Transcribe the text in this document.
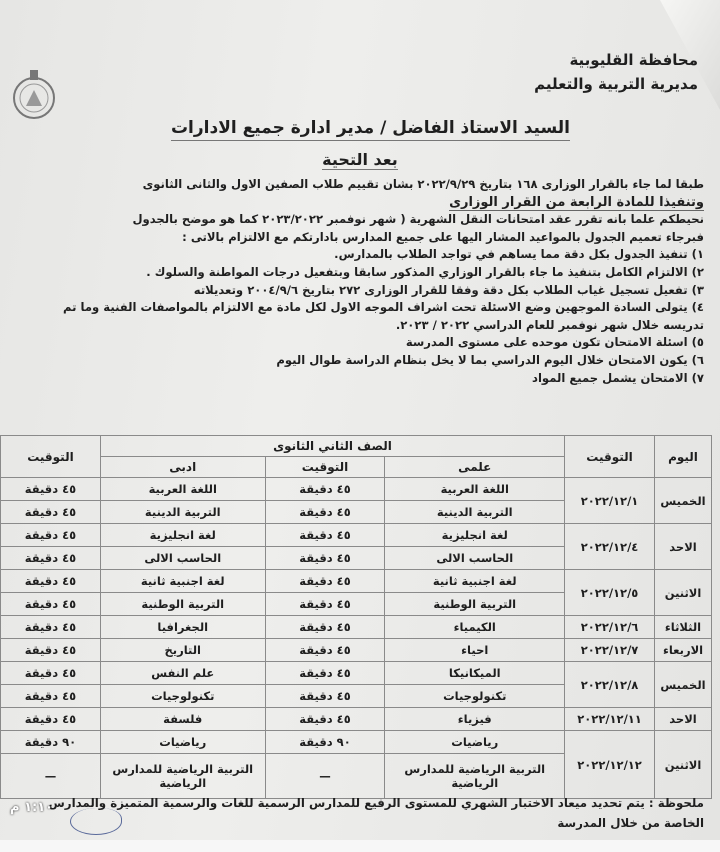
محافظة القليوبية
مديرية التربية والتعليم
السيد الاستاذ الفاضل / مدير ادارة جميع الادارات
بعد التحية

طبقا لما جاء بالقرار الوزارى ١٦٨ بتاريخ ٢٠٢٢/٩/٢٩ بشان تقييم طلاب الصفين الاول والثانى الثانوى

وتنفيذا للمادة الرابعة من القرار الوزارى

نحيطكم علما بانه تقرر عقد امتحانات النقل الشهرية ( شهر نوفمبر ٢٠٢٣/٢٠٢٢ كما هو موضح بالجدول

فبرجاء تعميم الجدول بالمواعيد المشار اليها على جميع المدارس بادارتكم مع الالتزام بالاتى :

١) تنفيذ الجدول بكل دقة مما يساهم في تواجد الطلاب بالمدارس.

٢) الالتزام الكامل بتنفيذ ما جاء بالقرار الوزاري المذكور سابقا وبتفعيل درجات المواطنة والسلوك .

٣) تفعيل تسجيل غياب الطلاب بكل دقة وفقا للقرار الوزارى ٢٧٢ بتاريخ ٢٠٠٤/٩/٦ وتعديلاته

٤) يتولى السادة الموجهين وضع الاسئلة تحت اشراف الموجه الاول لكل مادة مع الالتزام بالمواصفات الفنية وما تم

تدريسه خلال شهر نوفمبر للعام الدراسي ٢٠٢٢ / ٢٠٢٣.

٥) اسئلة الامتحان تكون موحده على مستوى المدرسة

٦) يكون الامتحان خلال اليوم الدراسي بما لا يخل بنظام الدراسة طوال اليوم

٧) الامتحان يشمل جميع المواد

اليوم	التوقيت	الصف الثاني الثانوى			التوقيت
		علمى	التوقيت	ادبى	
الخميس	٢٠٢٢/١٢/١	اللغة العربية	٤٥ دقيقة	اللغة العربية	٤٥ دقيقة
		التربية الدينية	٤٥ دقيقة	التربية الدينية	٤٥ دقيقة
الاحد	٢٠٢٢/١٢/٤	لغة انجليزية	٤٥ دقيقة	لغة انجليزية	٤٥ دقيقة
		الحاسب الالى	٤٥ دقيقة	الحاسب الالى	٤٥ دقيقة
الاثنين	٢٠٢٢/١٢/٥	لغة اجنبية ثانية	٤٥ دقيقة	لغة اجنبية ثانية	٤٥ دقيقة
		التربية الوطنية	٤٥ دقيقة	التربية الوطنية	٤٥ دقيقة
الثلاثاء	٢٠٢٢/١٢/٦	الكيمياء	٤٥ دقيقة	الجغرافيا	٤٥ دقيقة
الاربعاء	٢٠٢٢/١٢/٧	احياء	٤٥ دقيقة	التاريخ	٤٥ دقيقة
الخميس	٢٠٢٢/١٢/٨	الميكانيكا	٤٥ دقيقة	علم النفس	٤٥ دقيقة
		تكنولوجيات	٤٥ دقيقة	تكنولوجيات	٤٥ دقيقة
الاحد	٢٠٢٢/١٢/١١	فيزياء	٤٥ دقيقة	فلسفة	٤٥ دقيقة
الاثنين	٢٠٢٢/١٢/١٢	رياضيات	٩٠ دقيقة	رياضيات	٩٠ دقيقة
		التربية الرياضية للمدارس الرياضية	—	التربية الرياضية للمدارس الرياضية	—
ملحوظة : يتم تحديد ميعاد الاختبار الشهري للمستوى الرفيع للمدارس الرسمية للغات والرسمية المتميزة والمدارس
الخاصة من خلال المدرسة
١:١٠ م
